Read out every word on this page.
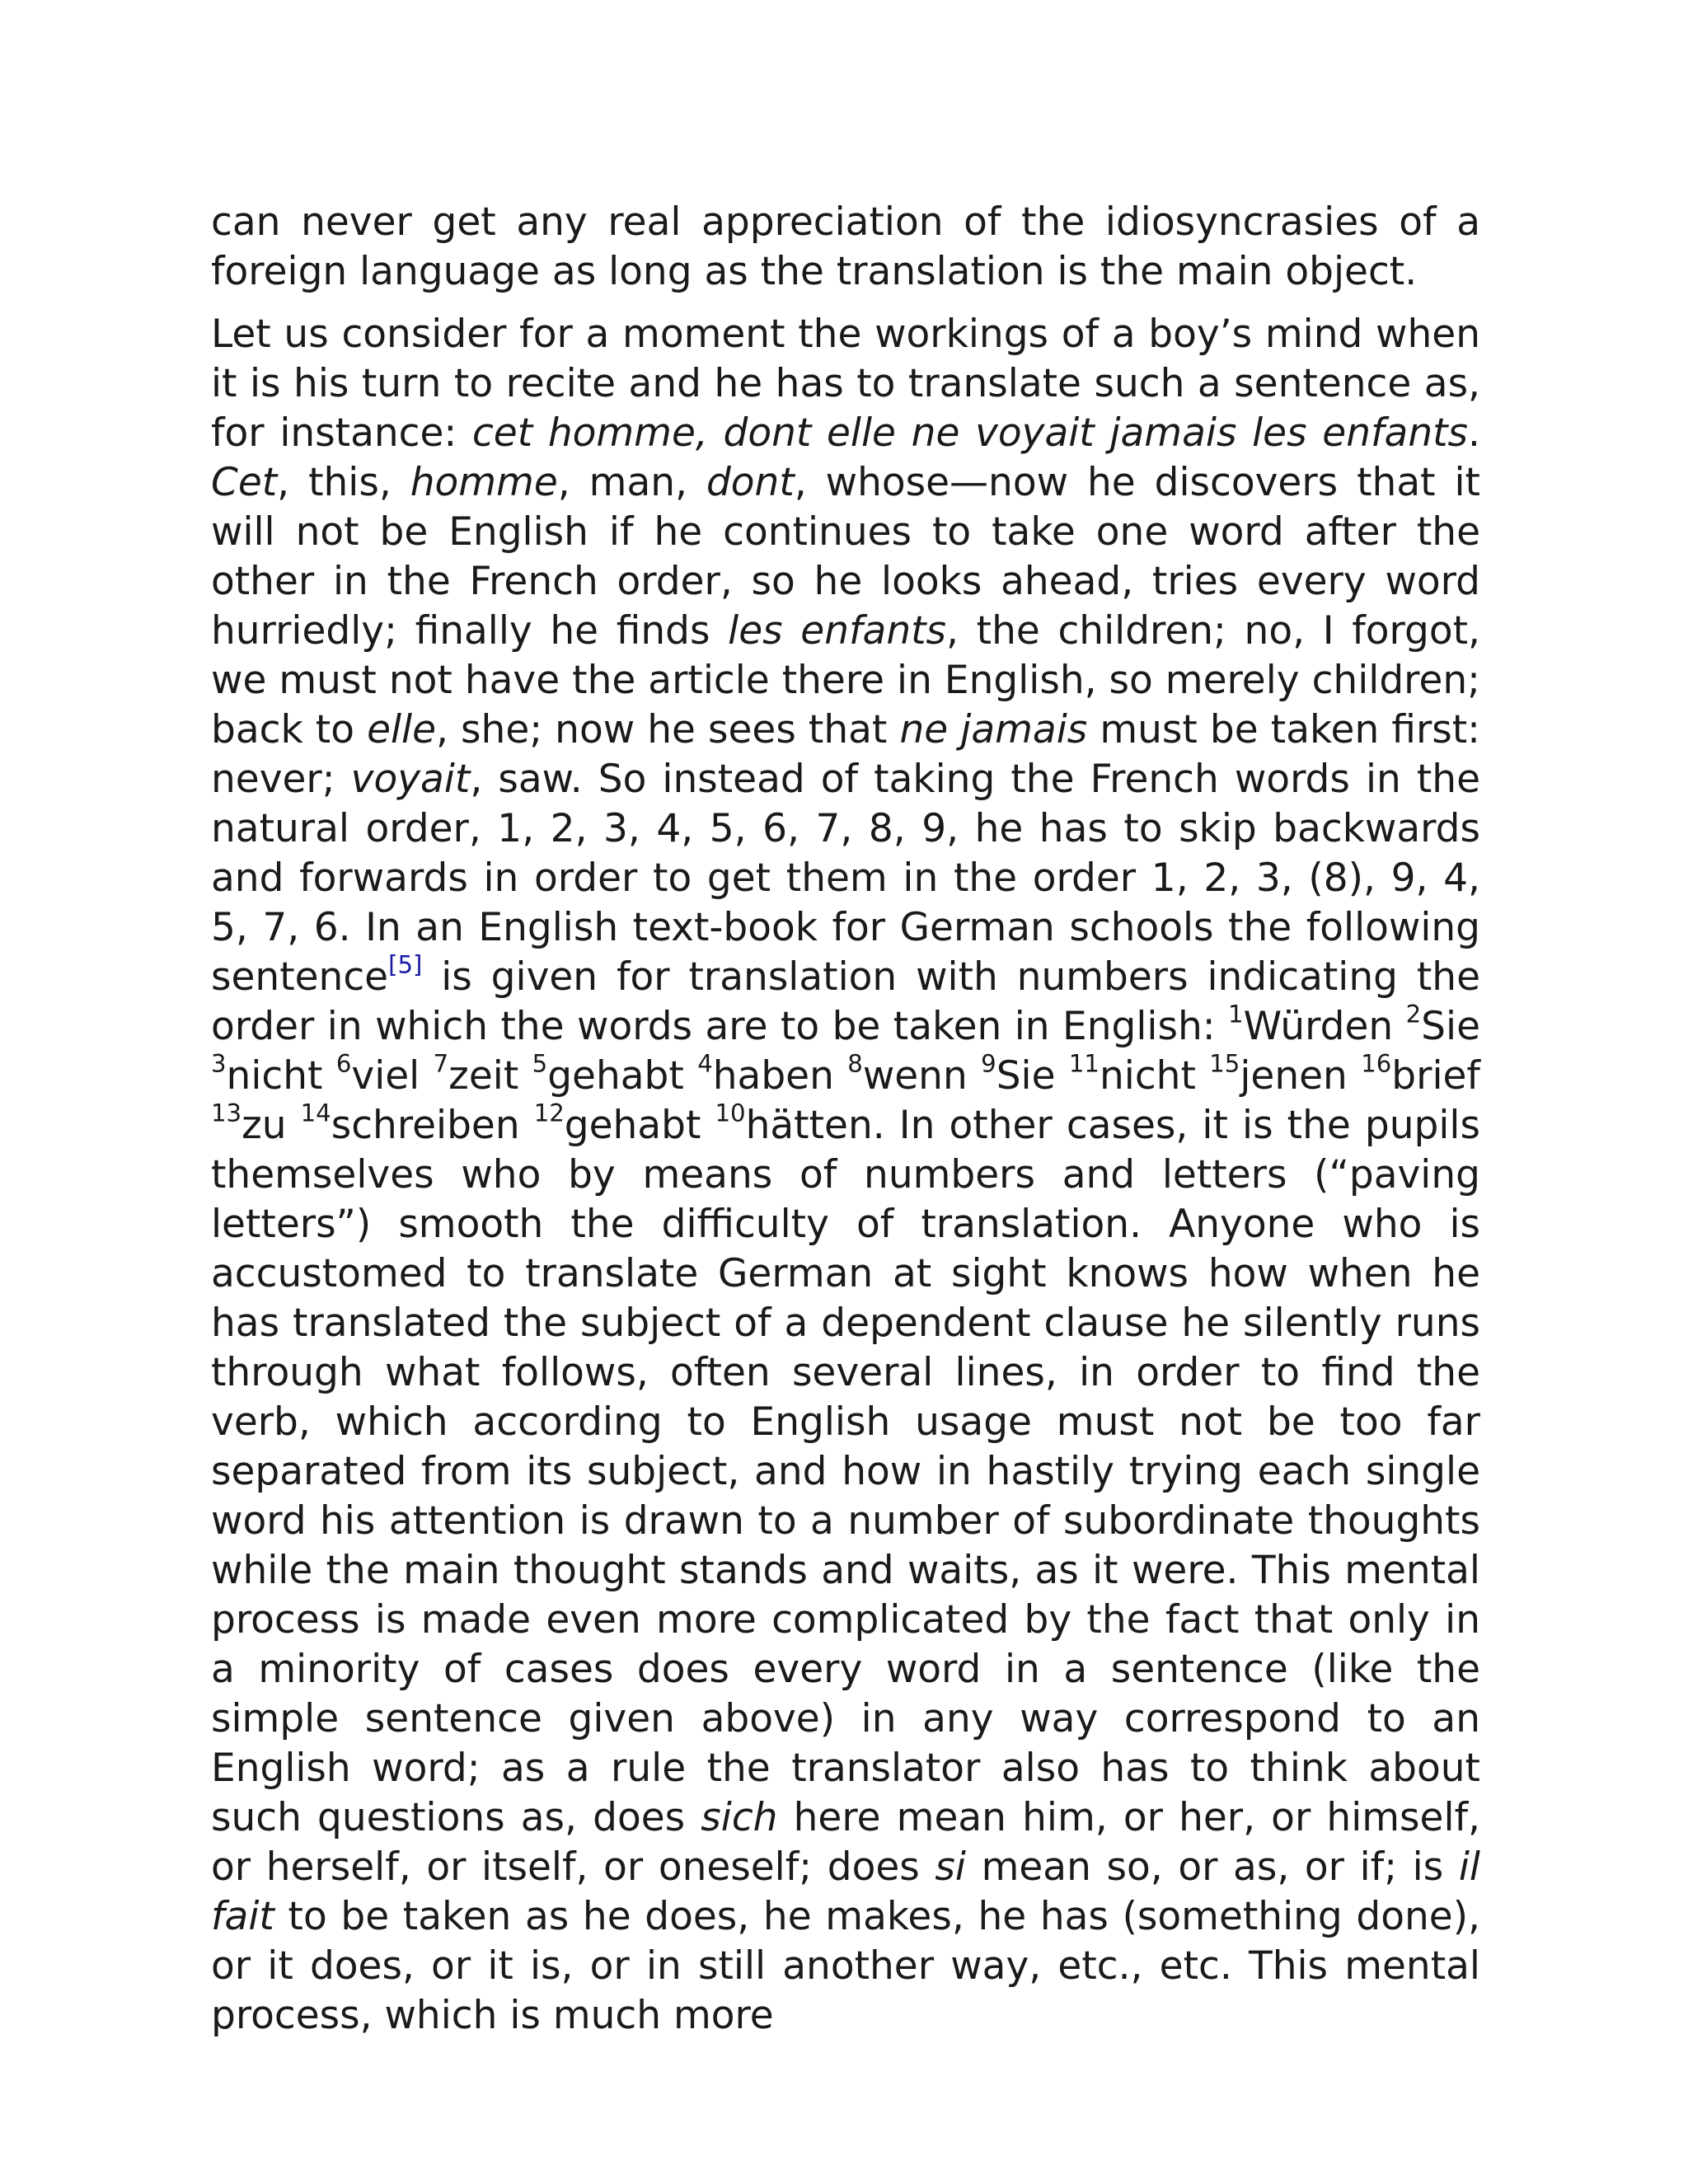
can never get any real appreciation of the idiosyncrasies of a foreign language as long as the translation is the main object.

Let us consider for a moment the workings of a boy’s mind when it is his turn to recite and he has to translate such a sentence as, for instance: cet homme, dont elle ne voyait jamais les enfants. Cet, this, homme, man, dont, whose—now he discovers that it will not be English if he continues to take one word after the other in the French order, so he looks ahead, tries every word hurriedly; finally he finds les enfants, the children; no, I forgot, we must not have the article there in English, so merely children; back to elle, she; now he sees that ne jamais must be taken first: never; voyait, saw. So instead of taking the French words in the natural order, 1, 2, 3, 4, 5, 6, 7, 8, 9, he has to skip backwards and forwards in order to get them in the order 1, 2, 3, (8), 9, 4, 5, 7, 6. In an English text-book for German schools the following sentence[5] is given for translation with numbers indicating the order in which the words are to be taken in English: $^1$Würden $^2$Sie $^3$nicht $^6$viel $^7$zeit $^5$gehabt $^4$haben $^8$wenn $^9$Sie $^{11}$nicht $^{15}$jenen $^{16}$brief $^{13}$zu $^{14}$schreiben $^{12}$gehabt $^{10}$hätten. In other cases, it is the pupils themselves who by means of numbers and letters (“paving letters”) smooth the difficulty of translation. Anyone who is accustomed to translate German at sight knows how when he has translated the subject of a dependent clause he silently runs through what follows, often several lines, in order to find the verb, which according to English usage must not be too far separated from its subject, and how in hastily trying each single word his attention is drawn to a number of subordinate thoughts while the main thought stands and waits, as it were. This mental process is made even more complicated by the fact that only in a minority of cases does every word in a sentence (like the simple sentence given above) in any way correspond to an English word; as a rule the translator also has to think about such questions as, does sich here mean him, or her, or himself, or herself, or itself, or oneself; does si mean so, or as, or if; is il fait to be taken as he does, he makes, he has (something done), or it does, or it is, or in still another way, etc., etc. This mental process, which is much more
